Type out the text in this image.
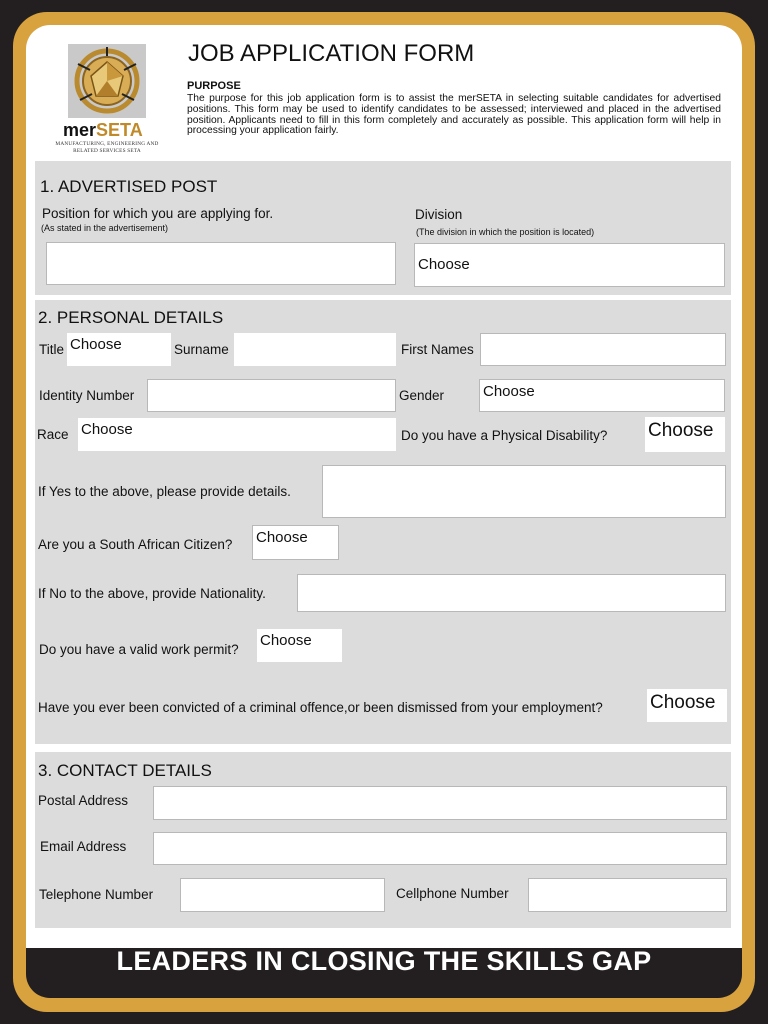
LEADERS IN CLOSING THE SKILLS GAP
merSETA
MANUFACTURING, ENGINEERING AND RELATED SERVICES SETA
JOB APPLICATION FORM
PURPOSE
The purpose for this job application form is to assist the merSETA in selecting suitable candidates for advertised positions. This form may be used to identify candidates to be assessed; interviewed and placed in the advertised position. Applicants need to fill in this form completely and accurately as possible. This application form will help in processing your application fairly.
1. ADVERTISED POST
Position for which you are applying for.
(As stated in the advertisement)
Division
(The division in which the position is located)
Choose
2. PERSONAL DETAILS
Title Choose	Surname	First Names
Identity Number	Gender	Choose
Race Choose	Do you have a Physical Disability? Choose
If Yes to the above, please provide details.
Are you a South African Citizen? Choose
If No to the above, provide Nationality.
Do you have a valid work permit?
Choose
Have you ever been convicted of a criminal offence,or been dismissed from your employment? Choose
3. CONTACT DETAILS
Postal Address
Email Address
Telephone Number	Cellphone Number
